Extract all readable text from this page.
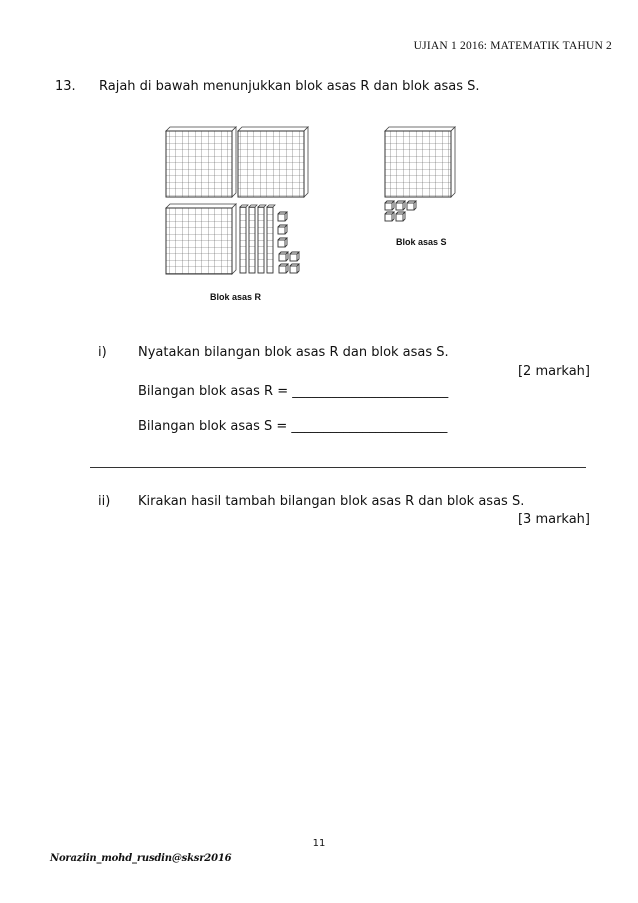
UJIAN 1 2016: MATEMATIK TAHUN 2
13. Rajah di bawah menunjukkan blok asas R dan blok asas S.
Blok asas R
Blok asas S
i) Nyatakan bilangan blok asas R dan blok asas S.
[2 markah]
Bilangan blok asas R = ________________________
Bilangan blok asas S = ________________________
ii) Kirakan hasil tambah bilangan blok asas R dan blok asas S.
[3 markah]
11
Noraziin_mohd_rusdin@sksr2016
